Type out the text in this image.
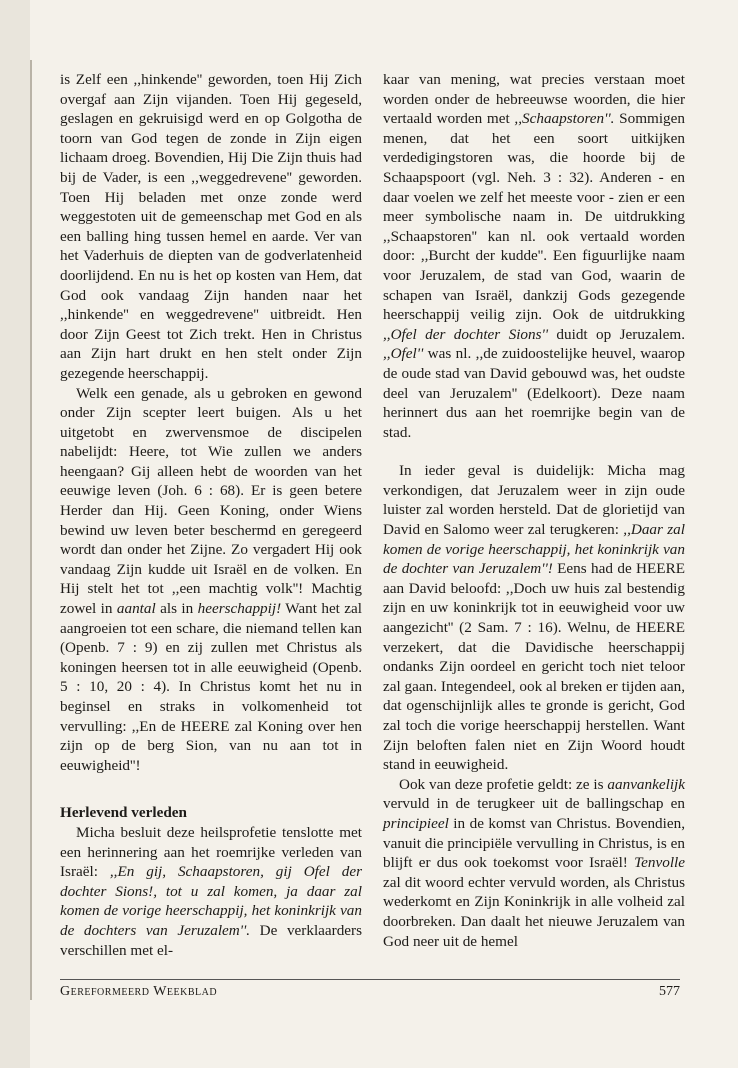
is Zelf een ,,hinkende'' geworden, toen Hij Zich overgaf aan Zijn vijanden. Toen Hij gegeseld, geslagen en gekruisigd werd en op Golgotha de toorn van God tegen de zonde in Zijn eigen lichaam droeg. Bovendien, Hij Die Zijn thuis had bij de Vader, is een ,,weggedrevene'' geworden. Toen Hij beladen met onze zonde werd weggestoten uit de gemeenschap met God en als een balling hing tussen hemel en aarde. Ver van het Vaderhuis de diepten van de godverlatenheid doorlijdend. En nu is het op kosten van Hem, dat God ook vandaag Zijn handen naar het ,,hinkende'' en weggedrevene'' uitbreidt. Hen door Zijn Geest tot Zich trekt. Hen in Christus aan Zijn hart drukt en hen stelt onder Zijn gezegende heerschappij.

Welk een genade, als u gebroken en gewond onder Zijn scepter leert buigen. Als u het uitgetobt en zwervensmoe de discipelen nabelijdt: Heere, tot Wie zullen we anders heengaan? Gij alleen hebt de woorden van het eeuwige leven (Joh. 6 : 68). Er is geen betere Herder dan Hij. Geen Koning, onder Wiens bewind uw leven beter beschermd en geregeerd wordt dan onder het Zijne. Zo vergadert Hij ook vandaag Zijn kudde uit Israël en de volken. En Hij stelt het tot ,,een machtig volk''! Machtig zowel in aantal als in heerschappij! Want het zal aangroeien tot een schare, die niemand tellen kan (Openb. 7 : 9) en zij zullen met Christus als koningen heersen tot in alle eeuwigheid (Openb. 5 : 10, 20 : 4). In Christus komt het nu in beginsel en straks in volkomenheid tot vervulling: ,,En de HEERE zal Koning over hen zijn op de berg Sion, van nu aan tot in eeuwigheid''!

Herlevend verleden

Micha besluit deze heilsprofetie tenslotte met een herinnering aan het roemrijke verleden van Israël: ,,En gij, Schaapstoren, gij Ofel der dochter Sions!, tot u zal komen, ja daar zal komen de vorige heerschappij, het koninkrijk van de dochters van Jeruzalem''. De verklaarders verschillen met el-

kaar van mening, wat precies verstaan moet worden onder de hebreeuwse woorden, die hier vertaald worden met ,,Schaapstoren''. Sommigen menen, dat het een soort uitkijken verdedigingstoren was, die hoorde bij de Schaapspoort (vgl. Neh. 3 : 32). Anderen - en daar voelen we zelf het meeste voor - zien er een meer symbolische naam in. De uitdrukking ,,Schaapstoren'' kan nl. ook vertaald worden door: ,,Burcht der kudde''. Een figuurlijke naam voor Jeruzalem, de stad van God, waarin de schapen van Israël, dankzij Gods gezegende heerschappij veilig zijn. Ook de uitdrukking ,,Ofel der dochter Sions'' duidt op Jeruzalem. ,,Ofel'' was nl. ,,de zuidoostelijke heuvel, waarop de oude stad van David gebouwd was, het oudste deel van Jeruzalem'' (Edelkoort). Deze naam herinnert dus aan het roemrijke begin van de stad.

In ieder geval is duidelijk: Micha mag verkondigen, dat Jeruzalem weer in zijn oude luister zal worden hersteld. Dat de glorietijd van David en Salomo weer zal terugkeren: ,,Daar zal komen de vorige heerschappij, het koninkrijk van de dochter van Jeruzalem''! Eens had de HEERE aan David beloofd: ,,Doch uw huis zal bestendig zijn en uw koninkrijk tot in eeuwigheid voor uw aangezicht'' (2 Sam. 7 : 16). Welnu, de HEERE verzekert, dat die Davidische heerschappij ondanks Zijn oordeel en gericht toch niet teloor zal gaan. Integendeel, ook al breken er tijden aan, dat ogenschijnlijk alles te gronde is gericht, God zal toch die vorige heerschappij herstellen. Want Zijn beloften falen niet en Zijn Woord houdt stand in eeuwigheid.

Ook van deze profetie geldt: ze is aanvankelijk vervuld in de terugkeer uit de ballingschap en principieel in de komst van Christus. Bovendien, vanuit die principiële vervulling in Christus, is en blijft er dus ook toekomst voor Israël! Tenvolle zal dit woord echter vervuld worden, als Christus wederkomt en Zijn Koninkrijk in alle volheid zal doorbreken. Dan daalt het nieuwe Jeruzalem van God neer uit de hemel

Gereformeerd Weekblad	577
